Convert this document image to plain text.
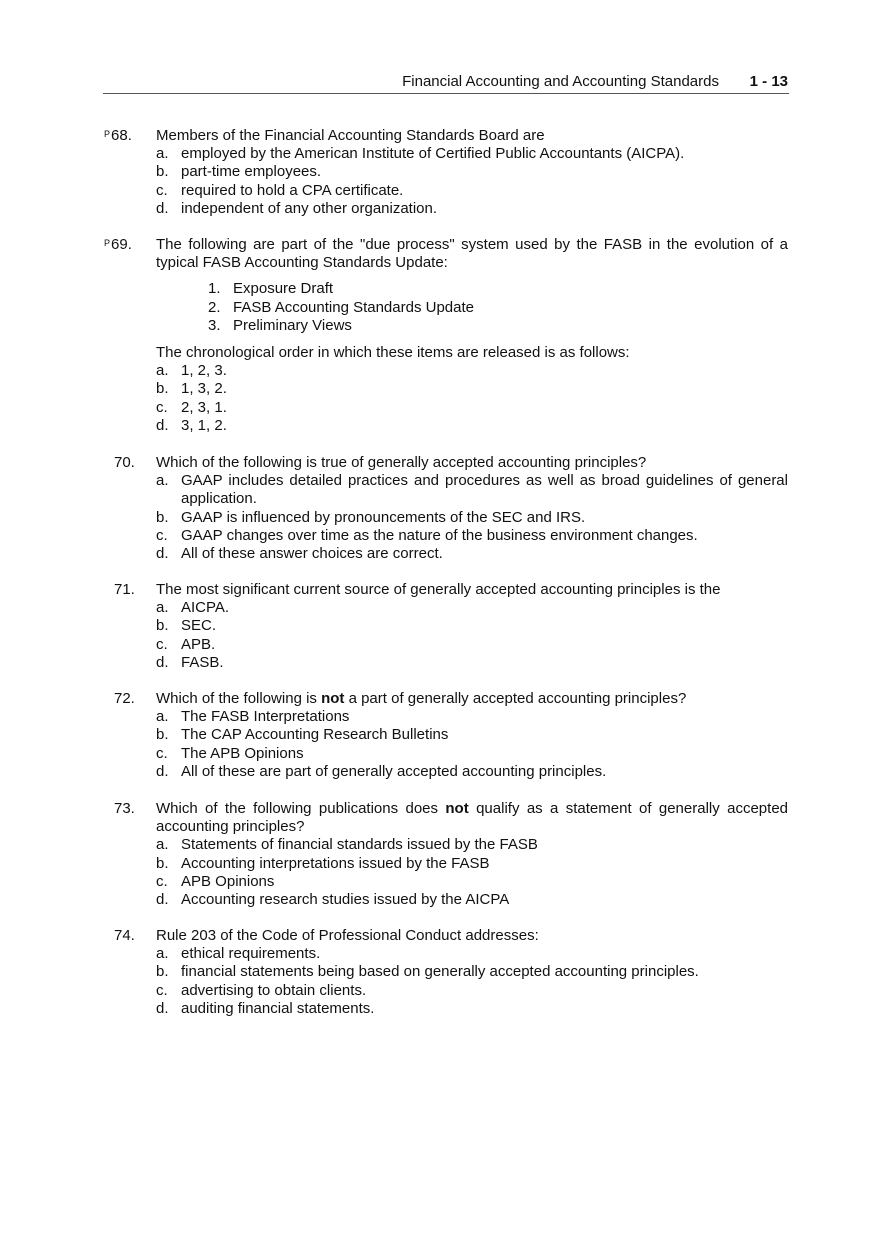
Financial Accounting and Accounting Standards 1 - 13
$^P$68. Members of the Financial Accounting Standards Board are
a. employed by the American Institute of Certified Public Accountants (AICPA).
b. part-time employees.
c. required to hold a CPA certificate.
d. independent of any other organization.
$^P$69. The following are part of the "due process" system used by the FASB in the evolution of a typical FASB Accounting Standards Update:
1. Exposure Draft
2. FASB Accounting Standards Update
3. Preliminary Views
The chronological order in which these items are released is as follows:
a. 1, 2, 3.
b. 1, 3, 2.
c. 2, 3, 1.
d. 3, 1, 2.
70. Which of the following is true of generally accepted accounting principles?
a. GAAP includes detailed practices and procedures as well as broad guidelines of general application.
b. GAAP is influenced by pronouncements of the SEC and IRS.
c. GAAP changes over time as the nature of the business environment changes.
d. All of these answer choices are correct.
71. The most significant current source of generally accepted accounting principles is the
a. AICPA.
b. SEC.
c. APB.
d. FASB.
72. Which of the following is not a part of generally accepted accounting principles?
a. The FASB Interpretations
b. The CAP Accounting Research Bulletins
c. The APB Opinions
d. All of these are part of generally accepted accounting principles.
73. Which of the following publications does not qualify as a statement of generally accepted accounting principles?
a. Statements of financial standards issued by the FASB
b. Accounting interpretations issued by the FASB
c. APB Opinions
d. Accounting research studies issued by the AICPA
74. Rule 203 of the Code of Professional Conduct addresses:
a. ethical requirements.
b. financial statements being based on generally accepted accounting principles.
c. advertising to obtain clients.
d. auditing financial statements.
